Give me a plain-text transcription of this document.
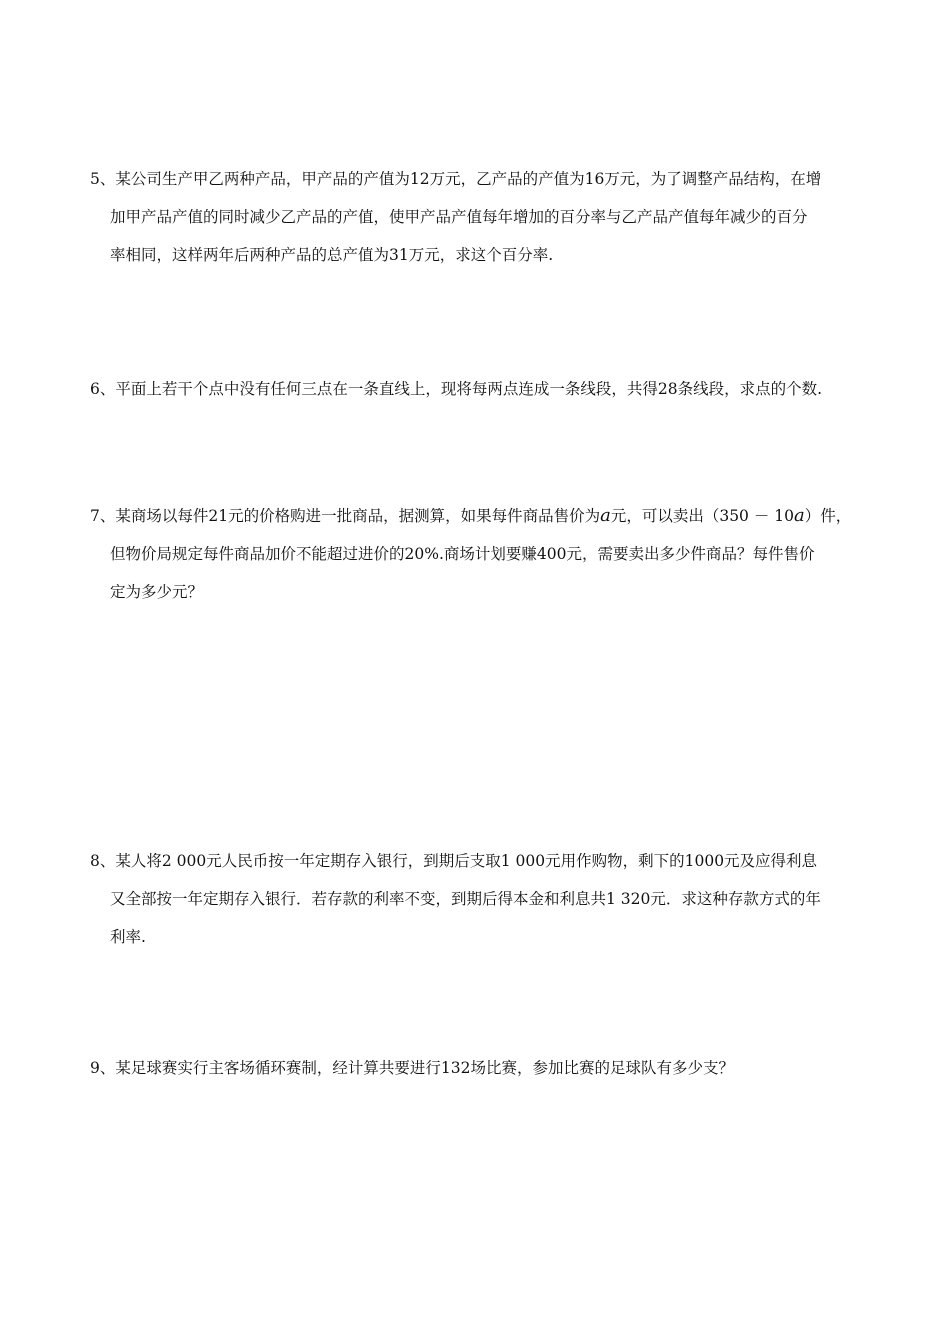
5、某公司生产甲乙两种产品，甲产品的产值为12万元，乙产品的产值为16万元，为了调整产品结构，在增
加甲产品产值的同时减少乙产品的产值，使甲产品产值每年增加的百分率与乙产品产值每年减少的百分
率相同，这样两年后两种产品的总产值为31万元，求这个百分率.
6、平面上若干个点中没有任何三点在一条直线上，现将每两点连成一条线段，共得28条线段，求点的个数.
7、某商场以每件21元的价格购进一批商品，据测算，如果每件商品售价为a元，可以卖出（350 － 10a）件，
但物价局规定每件商品加价不能超过进价的20%.商场计划要赚400元，需要卖出多少件商品？每件售价
定为多少元？
8、某人将2 000元人民币按一年定期存入银行，到期后支取1 000元用作购物，剩下的1000元及应得利息
又全部按一年定期存入银行．若存款的利率不变，到期后得本金和利息共1 320元．求这种存款方式的年
利率.
9、某足球赛实行主客场循环赛制，经计算共要进行132场比赛，参加比赛的足球队有多少支？
